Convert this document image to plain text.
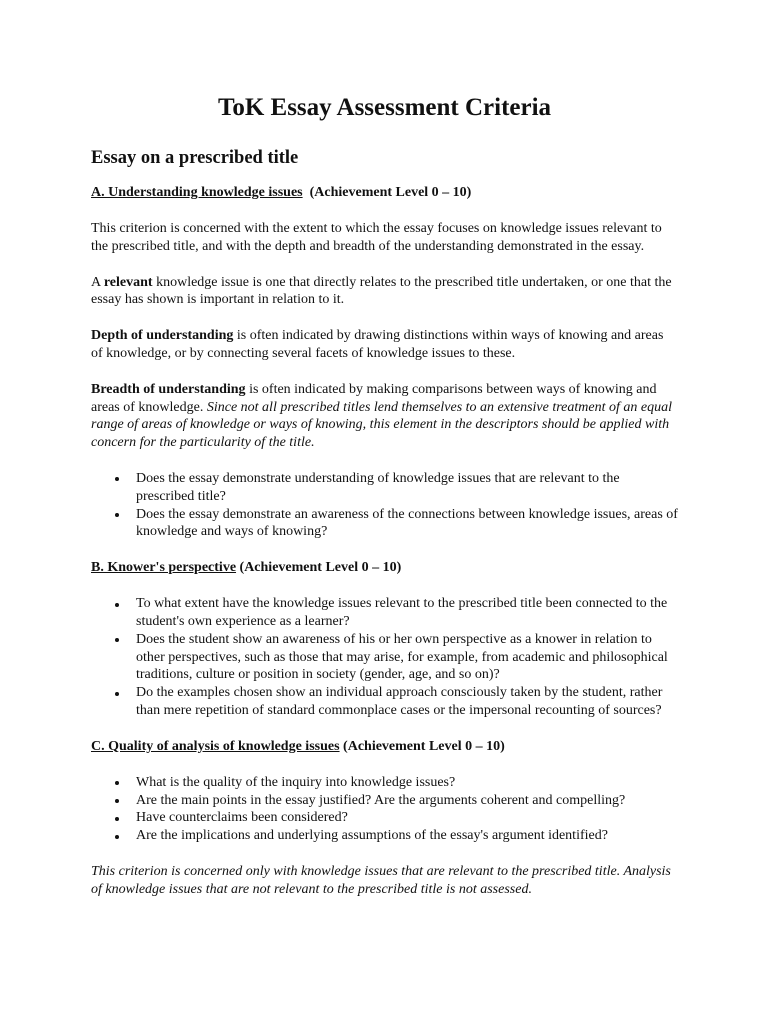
ToK Essay Assessment Criteria
Essay on a prescribed title
A. Understanding knowledge issues (Achievement Level 0 – 10)

This criterion is concerned with the extent to which the essay focuses on knowledge issues relevant to the prescribed title, and with the depth and breadth of the understanding demonstrated in the essay.

A relevant knowledge issue is one that directly relates to the prescribed title undertaken, or one that the essay has shown is important in relation to it.

Depth of understanding is often indicated by drawing distinctions within ways of knowing and areas of knowledge, or by connecting several facets of knowledge issues to these.

Breadth of understanding is often indicated by making comparisons between ways of knowing and areas of knowledge. Since not all prescribed titles lend themselves to an extensive treatment of an equal range of areas of knowledge or ways of knowing, this element in the descriptors should be applied with concern for the particularity of the title.

Does the essay demonstrate understanding of knowledge issues that are relevant to the prescribed title?
Does the essay demonstrate an awareness of the connections between knowledge issues, areas of knowledge and ways of knowing?
B. Knower's perspective (Achievement Level 0 – 10)
To what extent have the knowledge issues relevant to the prescribed title been connected to the student's own experience as a learner?
Does the student show an awareness of his or her own perspective as a knower in relation to other perspectives, such as those that may arise, for example, from academic and philosophical traditions, culture or position in society (gender, age, and so on)?
Do the examples chosen show an individual approach consciously taken by the student, rather than mere repetition of standard commonplace cases or the impersonal recounting of sources?
C. Quality of analysis of knowledge issues (Achievement Level 0 – 10)
What is the quality of the inquiry into knowledge issues?
Are the main points in the essay justified? Are the arguments coherent and compelling?
Have counterclaims been considered?
Are the implications and underlying assumptions of the essay's argument identified?

This criterion is concerned only with knowledge issues that are relevant to the prescribed title. Analysis of knowledge issues that are not relevant to the prescribed title is not assessed.
